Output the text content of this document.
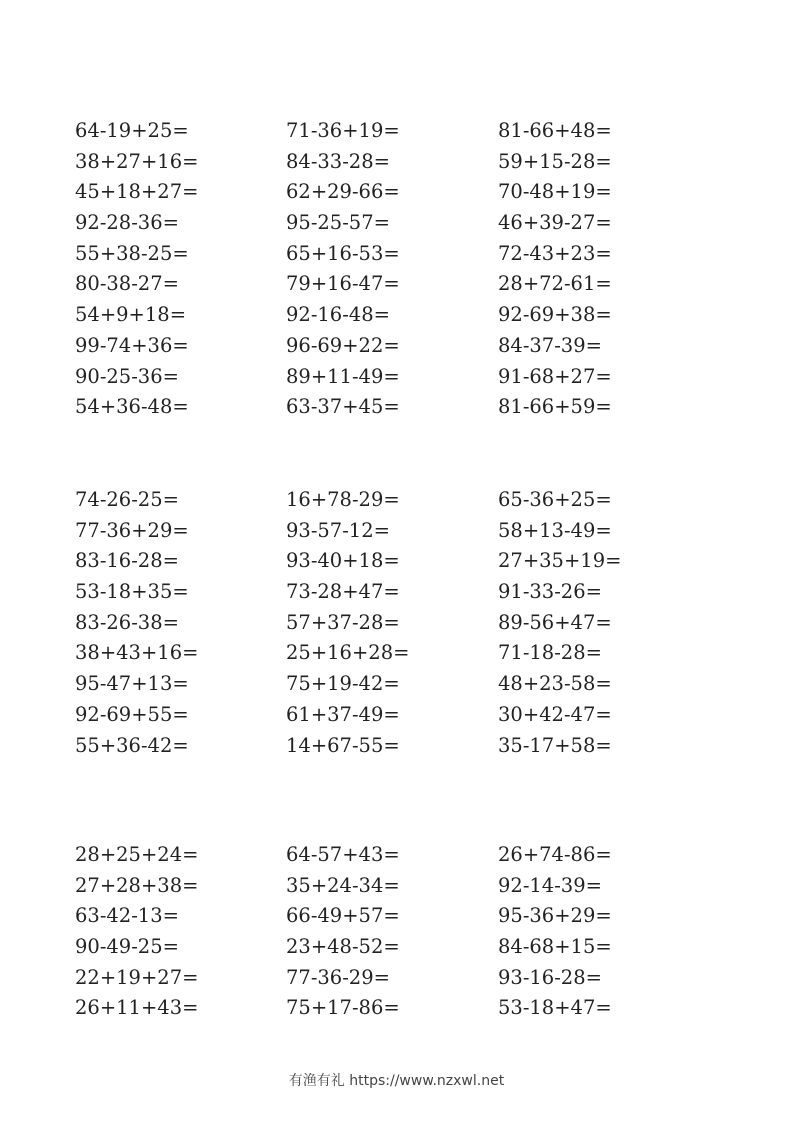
64-19+25=
38+27+16=
45+18+27=
92-28-36=
55+38-25=
80-38-27=
54+9+18=
99-74+36=
90-25-36=
54+36-48=
71-36+19=
84-33-28=
62+29-66=
95-25-57=
65+16-53=
79+16-47=
92-16-48=
96-69+22=
89+11-49=
63-37+45=
81-66+48=
59+15-28=
70-48+19=
46+39-27=
72-43+23=
28+72-61=
92-69+38=
84-37-39=
91-68+27=
81-66+59=
74-26-25=
77-36+29=
83-16-28=
53-18+35=
83-26-38=
38+43+16=
95-47+13=
92-69+55=
55+36-42=
16+78-29=
93-57-12=
93-40+18=
73-28+47=
57+37-28=
25+16+28=
75+19-42=
61+37-49=
14+67-55=
65-36+25=
58+13-49=
27+35+19=
91-33-26=
89-56+47=
71-18-28=
48+23-58=
30+42-47=
35-17+58=
28+25+24=
27+28+38=
63-42-13=
90-49-25=
22+19+27=
26+11+43=
64-57+43=
35+24-34=
66-49+57=
23+48-52=
77-36-29=
75+17-86=
26+74-86=
92-14-39=
95-36+29=
84-68+15=
93-16-28=
53-18+47=
有渔有礼 https://www.nzxwl.net
